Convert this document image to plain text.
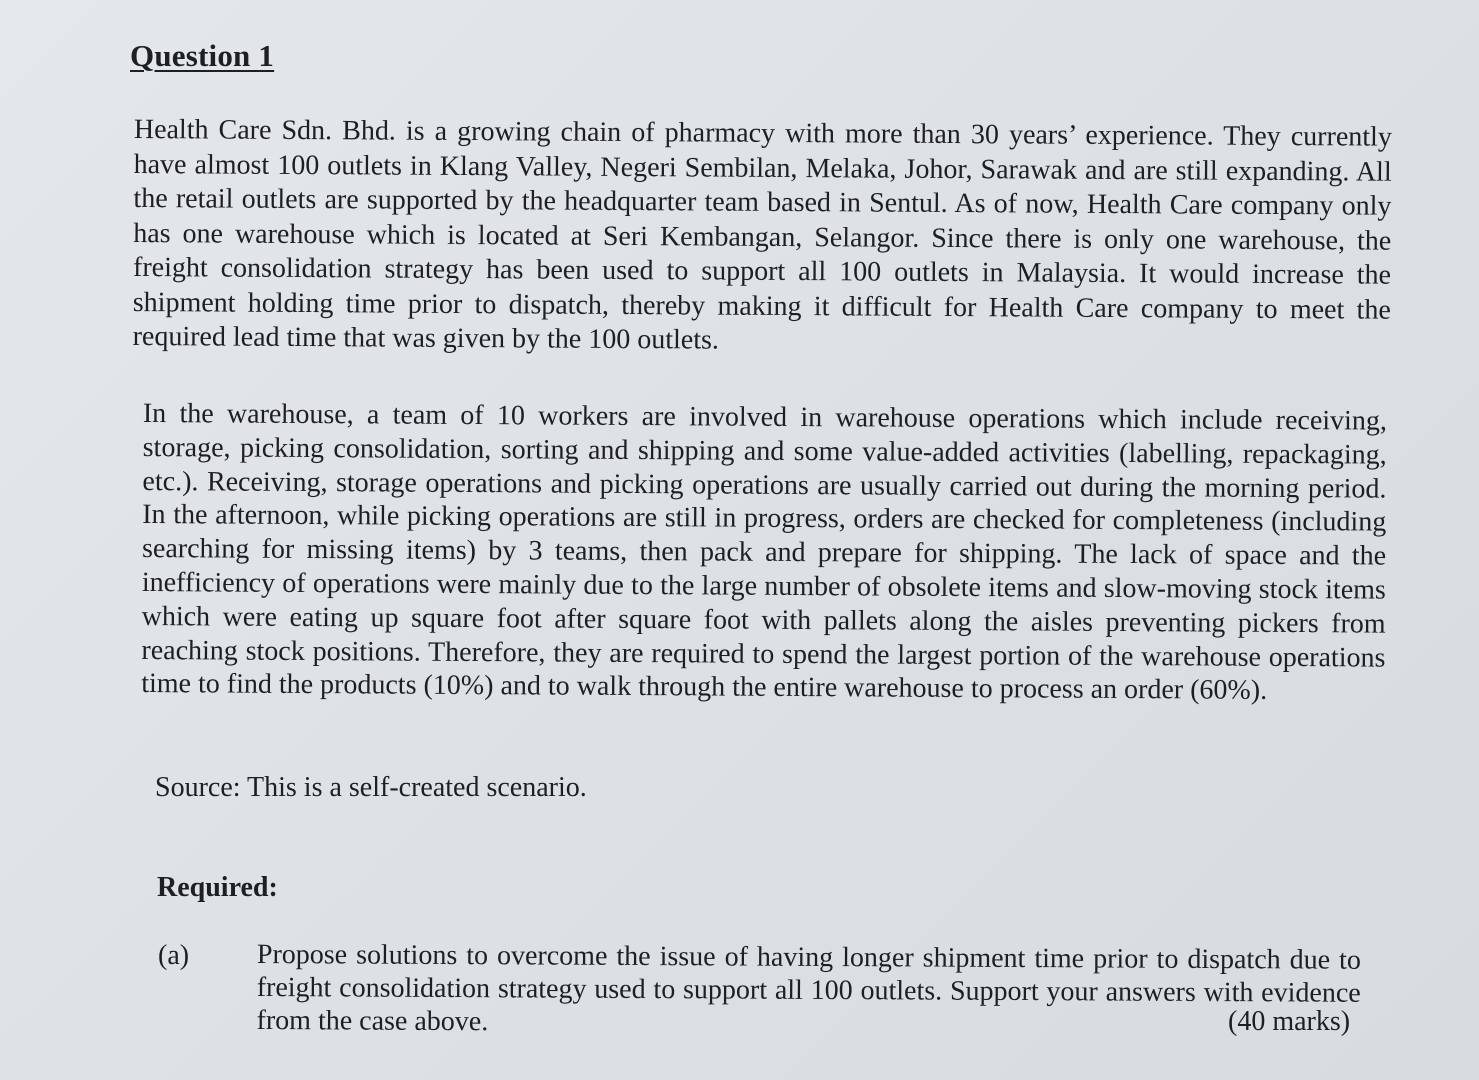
Question 1
Health Care Sdn. Bhd. is a growing chain of pharmacy with more than 30 years’ experience. They currently have almost 100 outlets in Klang Valley, Negeri Sembilan, Melaka, Johor, Sarawak and are still expanding. All the retail outlets are supported by the headquarter team based in Sentul. As of now, Health Care company only has one warehouse which is located at Seri Kembangan, Selangor. Since there is only one warehouse, the freight consolidation strategy has been used to support all 100 outlets in Malaysia. It would increase the shipment holding time prior to dispatch, thereby making it difficult for Health Care company to meet the required lead time that was given by the 100 outlets.
In the warehouse, a team of 10 workers are involved in warehouse operations which include receiving, storage, picking consolidation, sorting and shipping and some value-added activities (labelling, repackaging, etc.). Receiving, storage operations and picking operations are usually carried out during the morning period. In the afternoon, while picking operations are still in progress, orders are checked for completeness (including searching for missing items) by 3 teams, then pack and prepare for shipping. The lack of space and the inefficiency of operations were mainly due to the large number of obsolete items and slow-moving stock items which were eating up square foot after square foot with pallets along the aisles preventing pickers from reaching stock positions. Therefore, they are required to spend the largest portion of the warehouse operations time to find the products (10%) and to walk through the entire warehouse to process an order (60%).
Source: This is a self-created scenario.
Required:
(a) Propose solutions to overcome the issue of having longer shipment time prior to dispatch due to freight consolidation strategy used to support all 100 outlets. Support your answers with evidence from the case above.	(40 marks)
